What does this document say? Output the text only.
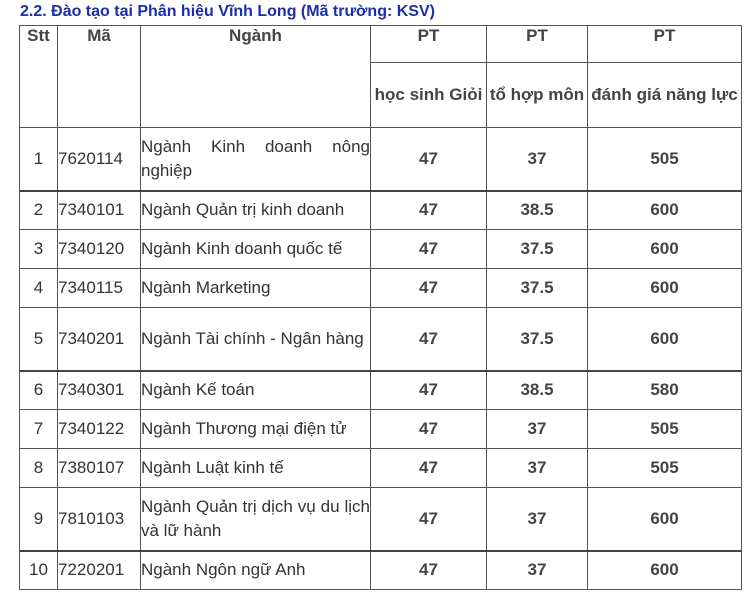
2.2. Đào tạo tại Phân hiệu Vĩnh Long (Mã trường: KSV)
Stt	Mã	Ngành	PT	PT	PT
			học sinh Giỏi	tổ hợp môn	đánh giá năng lực
1	7620114	Ngành Kinh doanh nông nghiệp	47	37	505
2	7340101	Ngành Quản trị kinh doanh	47	38.5	600
3	7340120	Ngành Kinh doanh quốc tế	47	37.5	600
4	7340115	Ngành Marketing	47	37.5	600
5	7340201	Ngành Tài chính - Ngân hàng	47	37.5	600
6	7340301	Ngành Kế toán	47	38.5	580
7	7340122	Ngành Thương mại điện tử	47	37	505
8	7380107	Ngành Luật kinh tế	47	37	505
9	7810103	Ngành Quản trị dịch vụ du lịch và lữ hành	47	37	600
10	7220201	Ngành Ngôn ngữ Anh	47	37	600
